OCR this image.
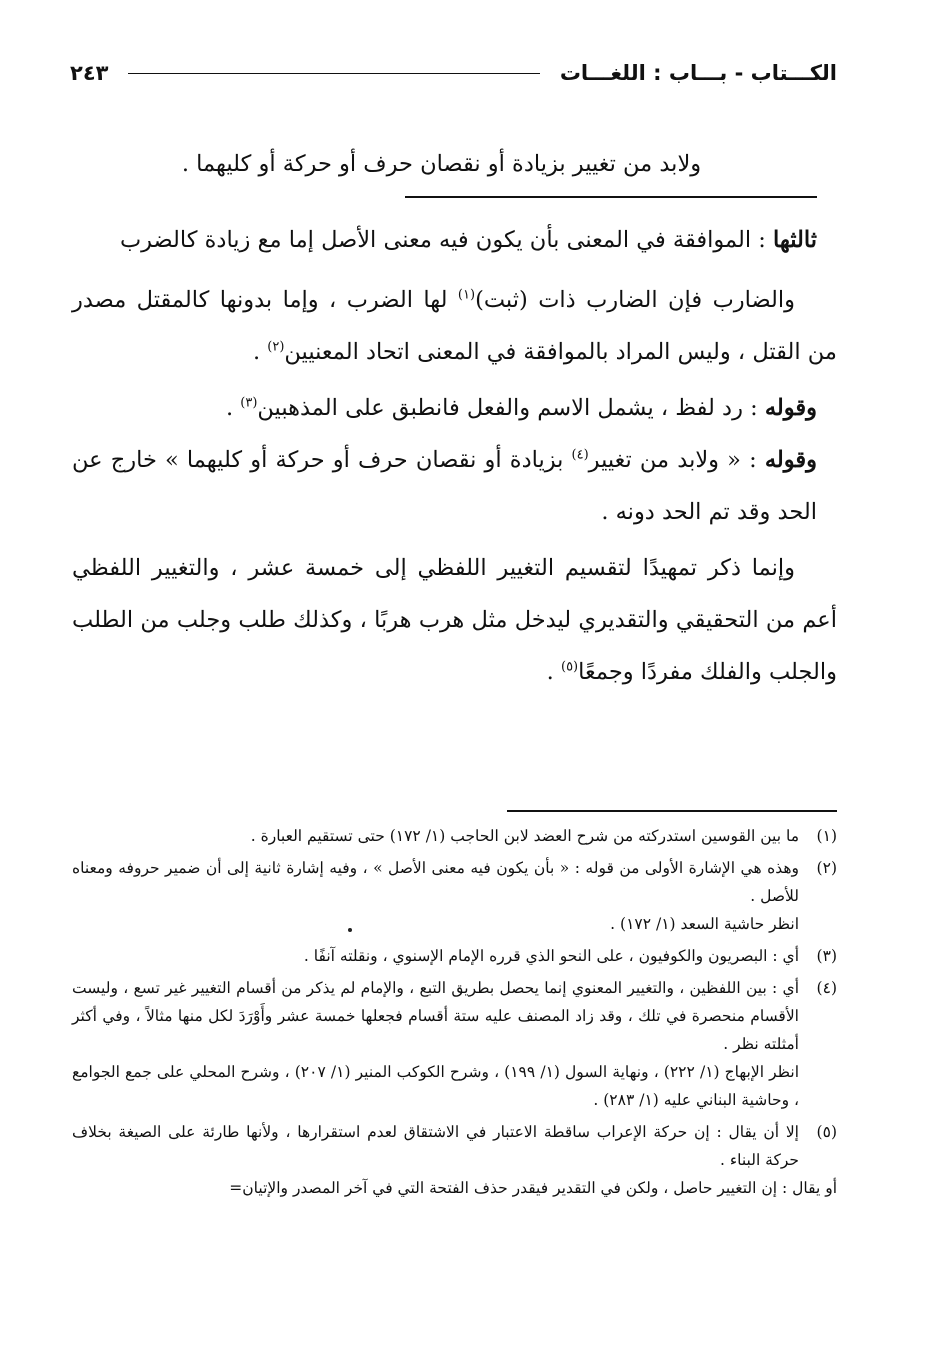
الكـــتاب - بـــاب : اللغـــات
٢٤٣

ولابد من تغيير بزيادة أو نقصان حرف أو حركة أو كليهما .

ثالثها : الموافقة في المعنى بأن يكون فيه معنى الأصل إما مع زيادة كالضرب

والضارب فإن الضارب ذات (ثبت)$^{(١)}$ لها الضرب ، وإما بدونها كالمقتل مصدر من القتل ، وليس المراد بالموافقة في المعنى اتحاد المعنيين$^{(٢)}$ .

وقوله : رد لفظ ، يشمل الاسم والفعل فانطبق على المذهبين$^{(٣)}$ .

وقوله : « ولابد من تغيير$^{(٤)}$ بزيادة أو نقصان حرف أو حركة أو كليهما » خارج عن الحد وقد تم الحد دونه .

وإنما ذكر تمهيدًا لتقسيم التغيير اللفظي إلى خمسة عشر ، والتغيير اللفظي أعم من التحقيقي والتقديري ليدخل مثل هرب هربًا ، وكذلك طلب وجلب من الطلب والجلب والفلك مفردًا وجمعًا$^{(٥)}$ .

(١)
ما بين القوسين استدركته من شرح العضد لابن الحاجب (١/ ١٧٢) حتى تستقيم العبارة .

(٢)
وهذه هي الإشارة الأولى من قوله : « بأن يكون فيه معنى الأصل » ، وفيه إشارة ثانية إلى أن ضمير حروفه ومعناه للأصل .
انظر حاشية السعد (١/ ١٧٢) .

(٣)
أي : البصريون والكوفيون ، على النحو الذي قرره الإمام الإسنوي ، ونقلته آنفًا .

(٤)
أي : بين اللفظين ، والتغيير المعنوي إنما يحصل بطريق التبع ، والإمام لم يذكر من أقسام التغيير غير تسع ، وليست الأقسام منحصرة في تلك ، وقد زاد المصنف عليه ستة أقسام فجعلها خمسة عشر وأَوْرَدَ لكل منها مثالاً ، وفي أكثر أمثلته نظر .
انظر الإبهاج (١/ ٢٢٢) ، ونهاية السول (١/ ١٩٩) ، وشرح الكوكب المنير (١/ ٢٠٧) ، وشرح المحلي على جمع الجوامع ، وحاشية البناني عليه (١/ ٢٨٣) .

(٥)
إلا أن يقال : إن حركة الإعراب ساقطة الاعتبار في الاشتقاق لعدم استقرارها ، ولأنها طارئة على الصيغة بخلاف حركة البناء .
أو يقال : إن التغيير حاصل ، ولكن في التقدير فيقدر حذف الفتحة التي في آخر المصدر والإتيان=
